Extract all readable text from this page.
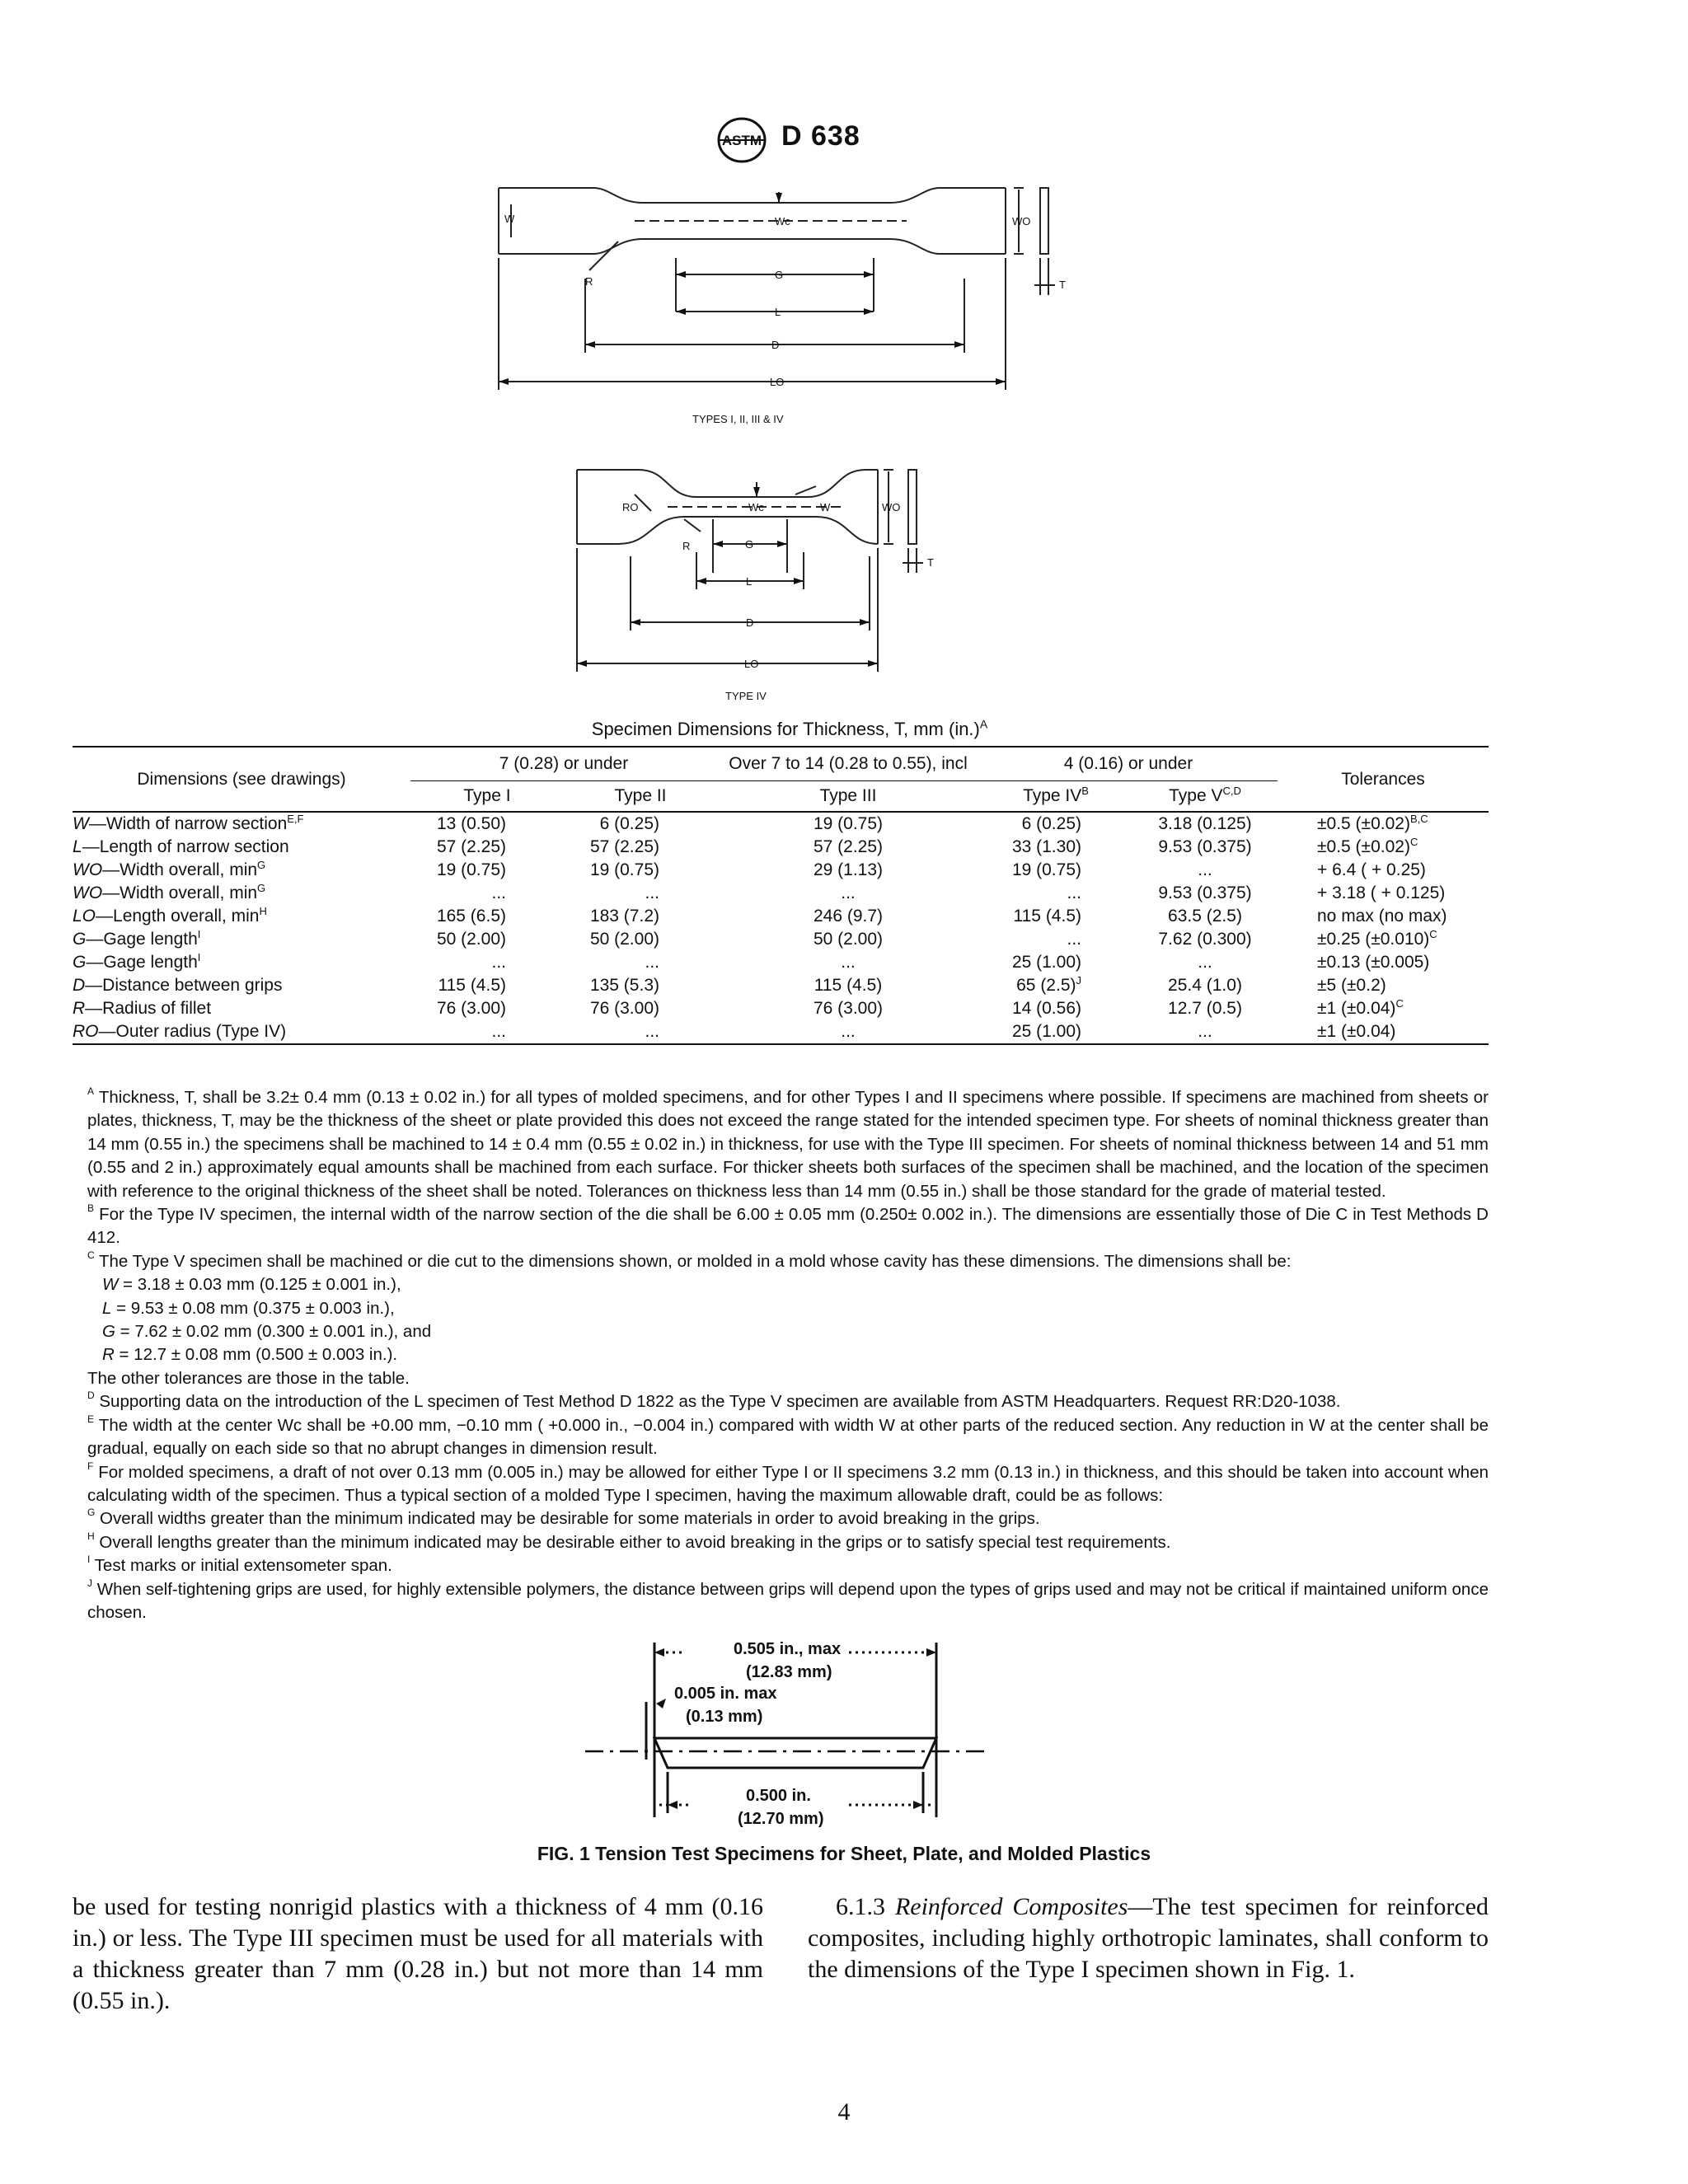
ASTM D 638
W	Wc	WO
T
R
G
L
D
LO
TYPES I, II, III & IV
RO	Wc	W	WO
T
R	G
L
D
LO
TYPE IV
Specimen Dimensions for Thickness, T, mm $(in.)^A$
Dimensions (see drawings)	7 (0.28) or under		Over 7 to 14 (0.28 to 0.55), incl	4 (0.16) or under		Tolerances
	Type I	Type II	Type III	Type $IV^B$	Type $V^{C,D}$
W—Width of narrow section$^{E,F}$	13 (0.50)	6 (0.25)	19 (0.75)	6 (0.25)	3.18 (0.125)	±0.5 $(\pm 0.02)^{B,C}$
L—Length of narrow section	57 (2.25)	57 (2.25)	57 (2.25)	33 (1.30)	9.53 (0.375)	±0.5 $(\pm 0.02)^C$
WO—Width overall, $\min^G$	19 (0.75)	19 (0.75)	29 (1.13)	19 (0.75)	...	+ 6.4 ( + 0.25)
WO—Width overall, $\min^G$	...	...	...	...	9.53 (0.375)	+ 3.18 ( + 0.125)
LO—Length overall, $\min^H$	165 (6.5)	183 (7.2)	246 (9.7)	115 (4.5)	63.5 (2.5)	no max (no max)
G—Gage length$^I$	50 (2.00)	50 (2.00)	50 (2.00)	...	7.62 (0.300)	±0.25 $(\pm 0.010)^C$
G—Gage length$^I$	...	...	...	25 (1.00)	...	±0.13 (±0.005)
D—Distance between grips	115 (4.5)	135 (5.3)	115 (4.5)	65 $(2.5)^J$	25.4 (1.0)	±5 (±0.2)
R—Radius of fillet	76 (3.00)	76 (3.00)	76 (3.00)	14 (0.56)	12.7 (0.5)	±1 $(\pm 0.04)^C$
RO—Outer radius (Type IV)	...	...	...	25 (1.00)	...	±1 (±0.04)

$^A$ Thickness, T, shall be 3.2± 0.4 mm (0.13 ± 0.02 in.) for all types of molded specimens, and for other Types I and II specimens where possible. If specimens are machined from sheets or plates, thickness, T, may be the thickness of the sheet or plate provided this does not exceed the range stated for the intended specimen type. For sheets of nominal thickness greater than 14 mm (0.55 in.) the specimens shall be machined to 14 ± 0.4 mm (0.55 ± 0.02 in.) in thickness, for use with the Type III specimen. For sheets of nominal thickness between 14 and 51 mm (0.55 and 2 in.) approximately equal amounts shall be machined from each surface. For thicker sheets both surfaces of the specimen shall be machined, and the location of the specimen with reference to the original thickness of the sheet shall be noted. Tolerances on thickness less than 14 mm (0.55 in.) shall be those standard for the grade of material tested.

$^B$ For the Type IV specimen, the internal width of the narrow section of the die shall be 6.00 ± 0.05 mm (0.250± 0.002 in.). The dimensions are essentially those of Die C in Test Methods D 412.

$^C$ The Type V specimen shall be machined or die cut to the dimensions shown, or molded in a mold whose cavity has these dimensions. The dimensions shall be:

W = 3.18 ± 0.03 mm (0.125 ± 0.001 in.),

L = 9.53 ± 0.08 mm (0.375 ± 0.003 in.),

G = 7.62 ± 0.02 mm (0.300 ± 0.001 in.), and

R = 12.7 ± 0.08 mm (0.500 ± 0.003 in.).

The other tolerances are those in the table.

$^D$ Supporting data on the introduction of the L specimen of Test Method D 1822 as the Type V specimen are available from ASTM Headquarters. Request RR:D20-1038.

$^E$ The width at the center Wc shall be +0.00 mm, −0.10 mm ( +0.000 in., −0.004 in.) compared with width W at other parts of the reduced section. Any reduction in W at the center shall be gradual, equally on each side so that no abrupt changes in dimension result.

$^F$ For molded specimens, a draft of not over 0.13 mm (0.005 in.) may be allowed for either Type I or II specimens 3.2 mm (0.13 in.) in thickness, and this should be taken into account when calculating width of the specimen. Thus a typical section of a molded Type I specimen, having the maximum allowable draft, could be as follows:

$^G$ Overall widths greater than the minimum indicated may be desirable for some materials in order to avoid breaking in the grips.

$^H$ Overall lengths greater than the minimum indicated may be desirable either to avoid breaking in the grips or to satisfy special test requirements.

$^I$ Test marks or initial extensometer span.

$^J$ When self-tightening grips are used, for highly extensible polymers, the distance between grips will depend upon the types of grips used and may not be critical if maintained uniform once chosen.

0.505 in., max
(12.83 mm)
0.005 in. max
(0.13 mm)
0.500 in.
(12.70 mm)
FIG. 1 Tension Test Specimens for Sheet, Plate, and Molded Plastics
be used for testing nonrigid plastics with a thickness of 4 mm (0.16 in.) or less. The Type III specimen must be used for all materials with a thickness greater than 7 mm (0.28 in.) but not more than 14 mm (0.55 in.).
6.1.3 Reinforced Composites—The test specimen for reinforced composites, including highly orthotropic laminates, shall conform to the dimensions of the Type I specimen shown in Fig. 1.
4
